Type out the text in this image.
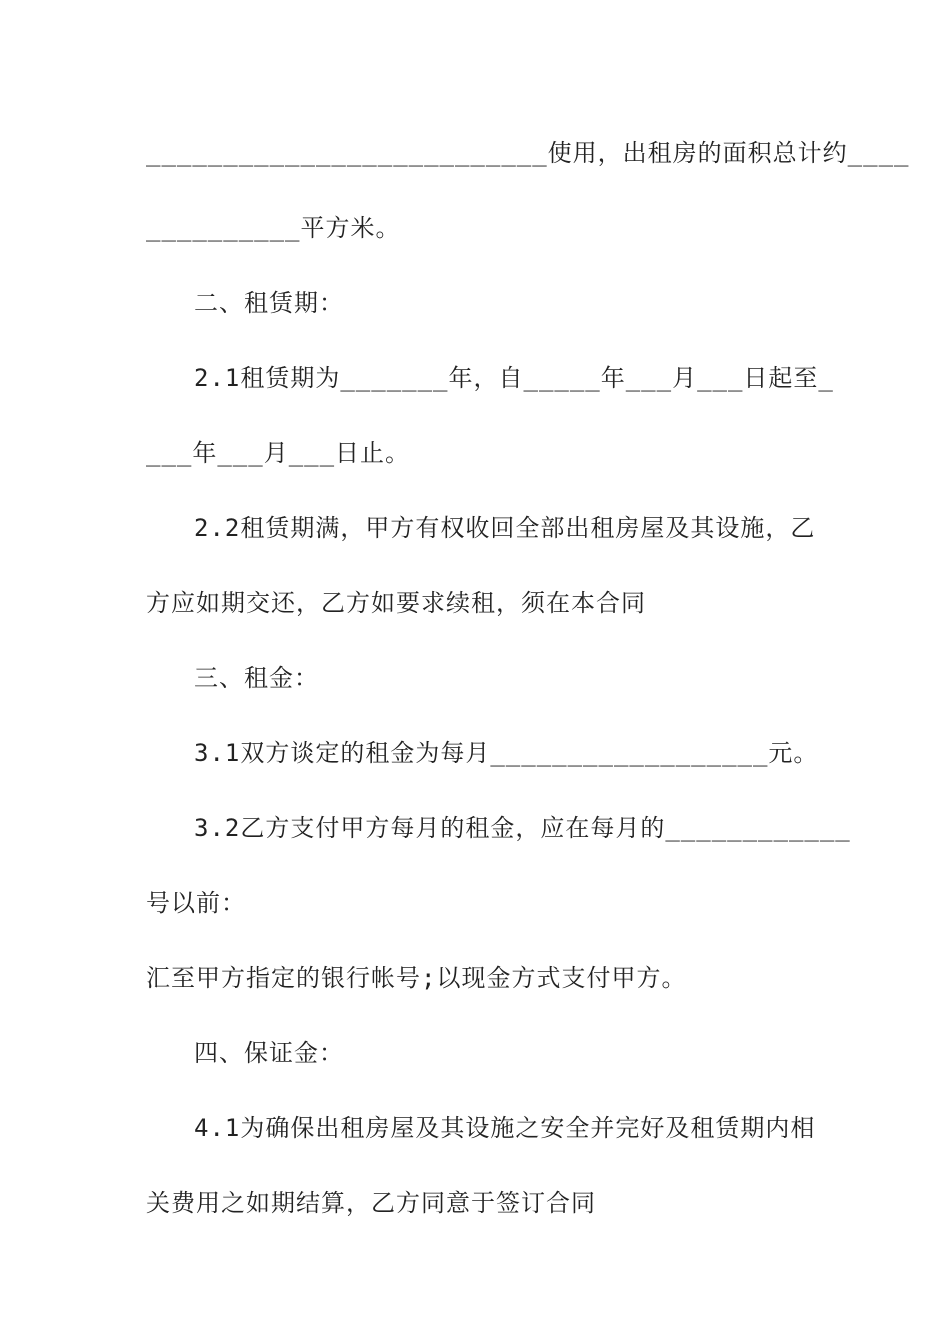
__________________________使用，出租房的面积总计约____
__________平方米。
二、租赁期：
2.1租赁期为_______年，自_____年___月___日起至_
___年___月___日止。
2.2租赁期满，甲方有权收回全部出租房屋及其设施，乙
方应如期交还，乙方如要求续租，须在本合同
三、租金：
3.1双方谈定的租金为每月__________________元。
3.2乙方支付甲方每月的租金，应在每月的____________
号以前：
汇至甲方指定的银行帐号;以现金方式支付甲方。
四、保证金：
4.1为确保出租房屋及其设施之安全并完好及租赁期内相
关费用之如期结算，乙方同意于签订合同
